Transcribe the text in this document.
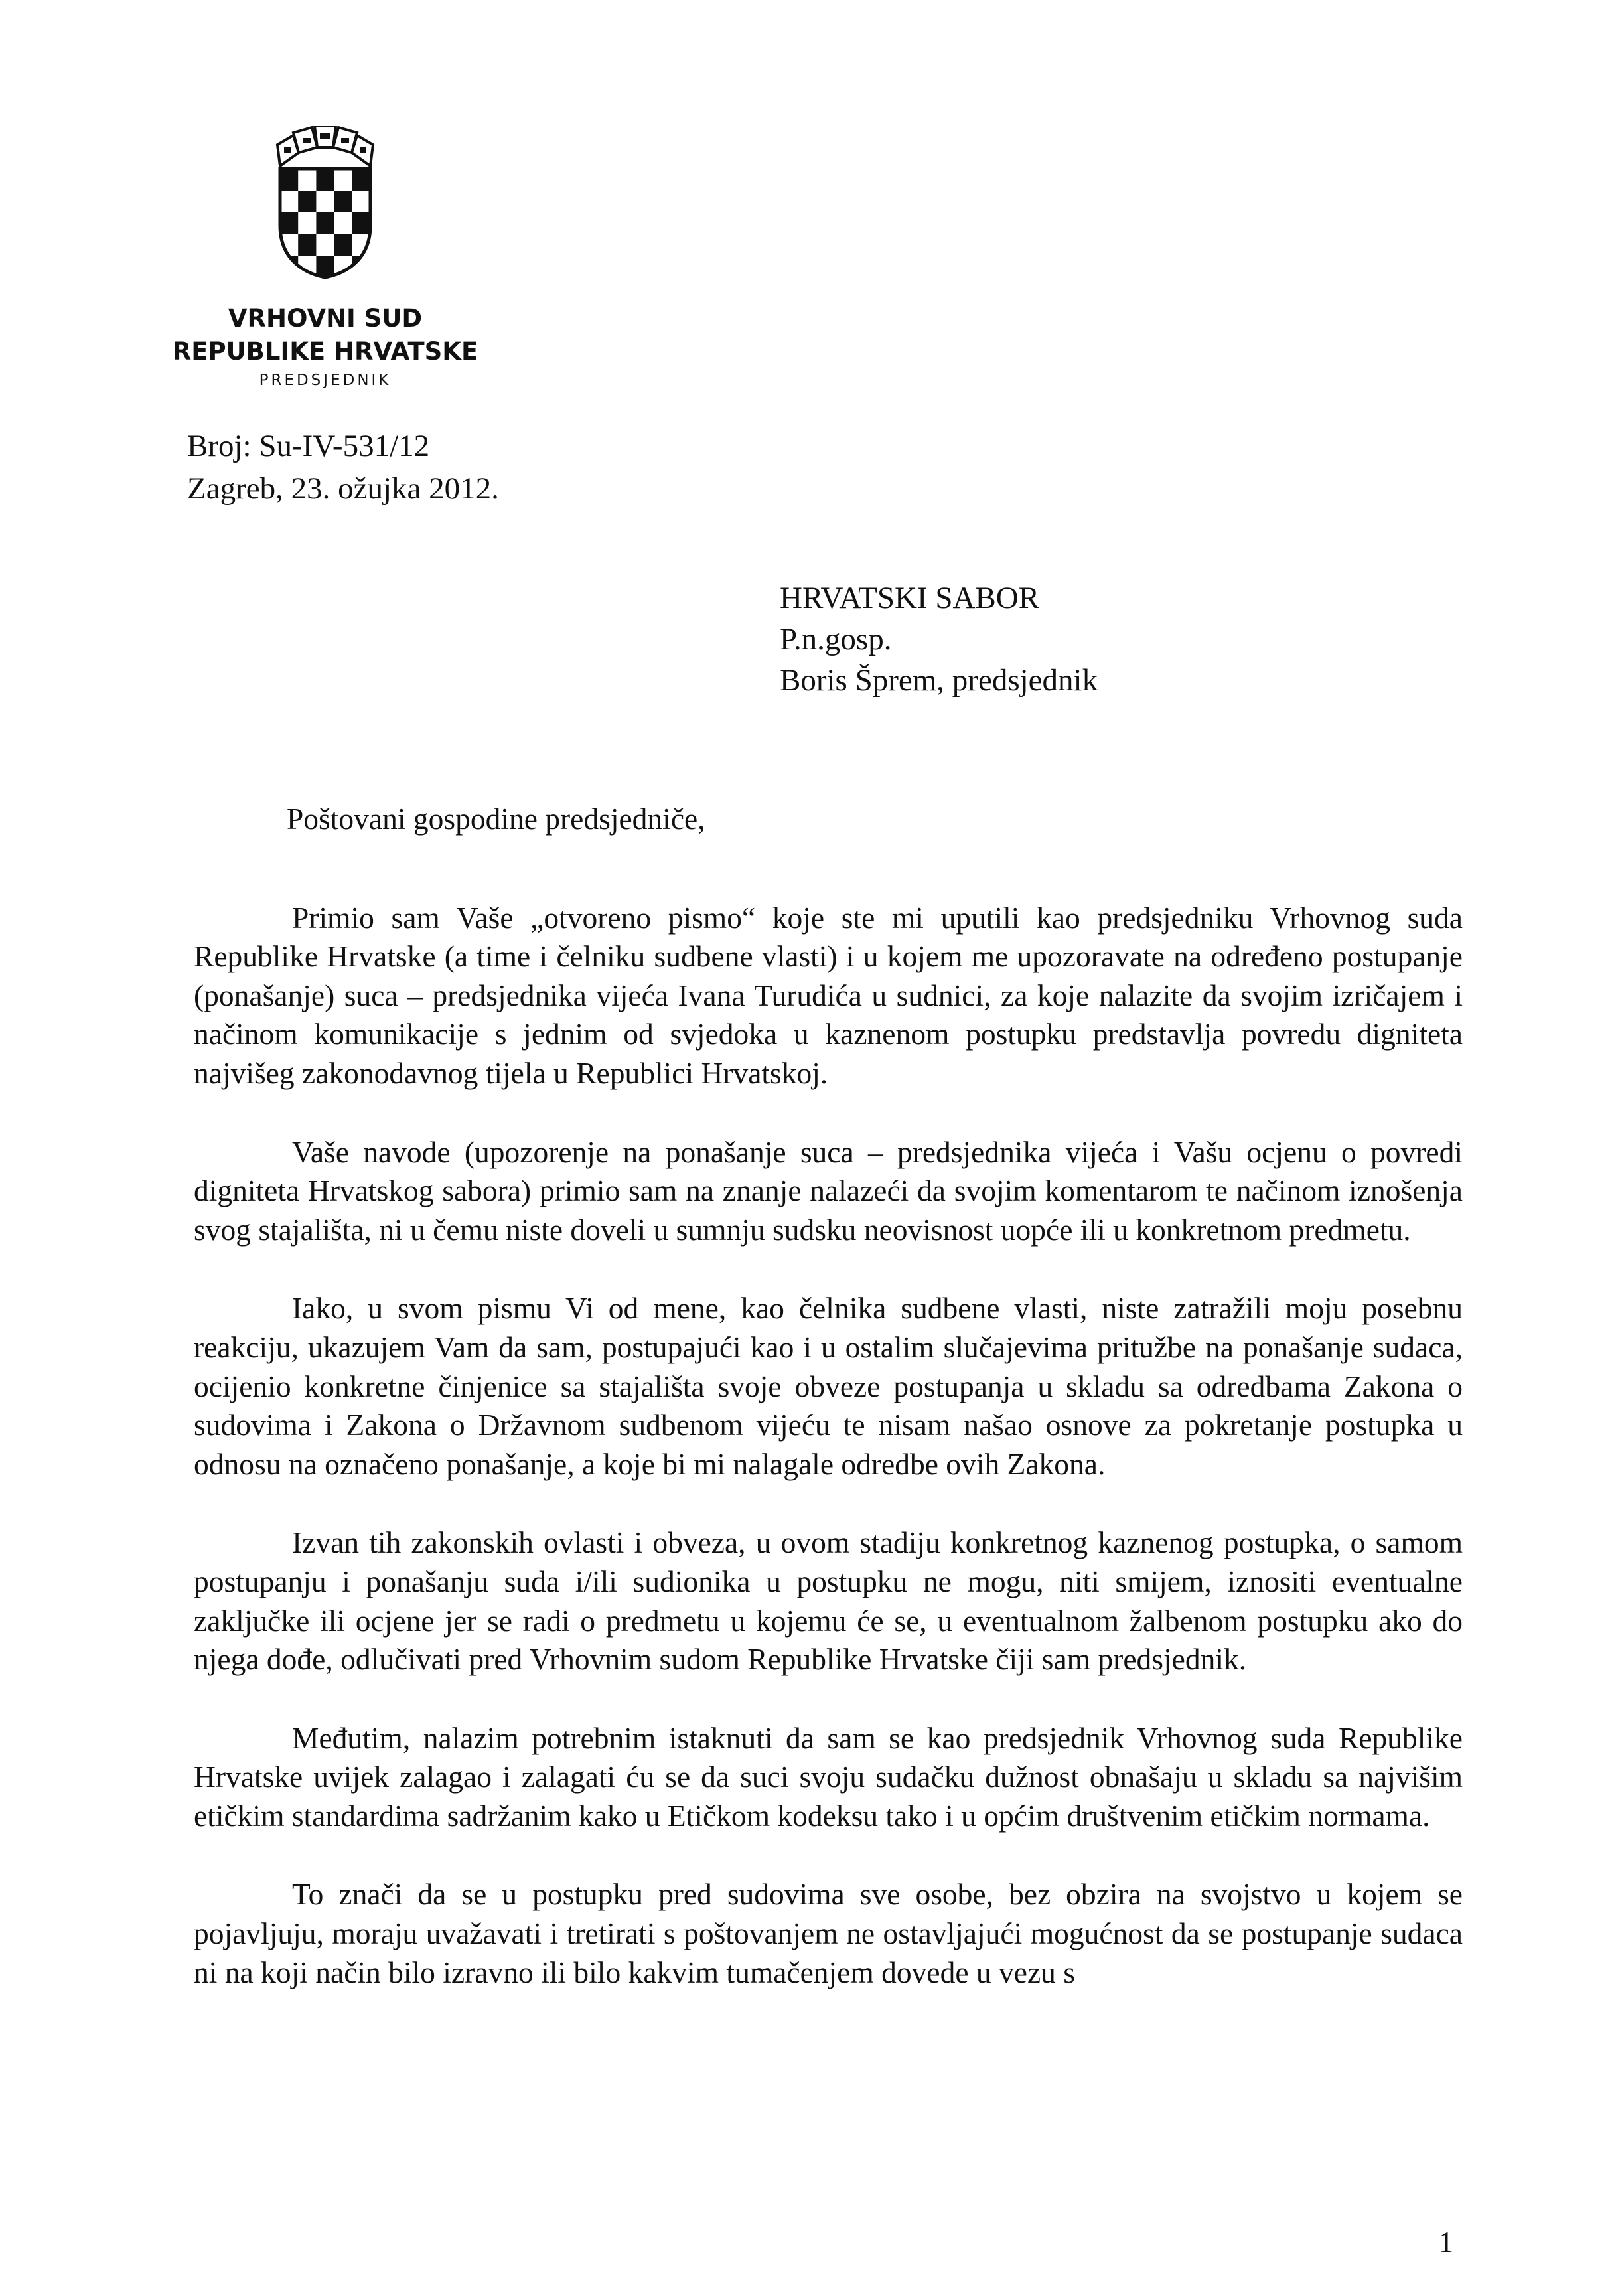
VRHOVNI SUD
REPUBLIKE HRVATSKE
PREDSJEDNIK
Broj: Su-IV-531/12
Zagreb, 23. ožujka 2012.
HRVATSKI SABOR
P.n.gosp.
Boris Šprem, predsjednik
Poštovani gospodine predsjedniče,

Primio sam Vaše „otvoreno pismo“ koje ste mi uputili kao predsjedniku Vrhovnog suda Republike Hrvatske (a time i čelniku sudbene vlasti) i u kojem me upozoravate na određeno postupanje (ponašanje) suca – predsjednika vijeća Ivana Turudića u sudnici, za koje nalazite da svojim izričajem i načinom komunikacije s jednim od svjedoka u kaznenom postupku predstavlja povredu digniteta najvišeg zakonodavnog tijela u Republici Hrvatskoj.

Vaše navode (upozorenje na ponašanje suca – predsjednika vijeća i Vašu ocjenu o povredi digniteta Hrvatskog sabora) primio sam na znanje nalazeći da svojim komentarom te načinom iznošenja svog stajališta, ni u čemu niste doveli u sumnju sudsku neovisnost uopće ili u konkretnom predmetu.

Iako, u svom pismu Vi od mene, kao čelnika sudbene vlasti, niste zatražili moju posebnu reakciju, ukazujem Vam da sam, postupajući kao i u ostalim slučajevima pritužbe na ponašanje sudaca, ocijenio konkretne činjenice sa stajališta svoje obveze postupanja u skladu sa odredbama Zakona o sudovima i Zakona o Državnom sudbenom vijeću te nisam našao osnove za pokretanje postupka u odnosu na označeno ponašanje, a koje bi mi nalagale odredbe ovih Zakona.

Izvan tih zakonskih ovlasti i obveza, u ovom stadiju konkretnog kaznenog postupka, o samom postupanju i ponašanju suda i/ili sudionika u postupku ne mogu, niti smijem, iznositi eventualne zaključke ili ocjene jer se radi o predmetu u kojemu će se, u eventualnom žalbenom postupku ako do njega dođe, odlučivati pred Vrhovnim sudom Republike Hrvatske čiji sam predsjednik.

Međutim, nalazim potrebnim istaknuti da sam se kao predsjednik Vrhovnog suda Republike Hrvatske uvijek zalagao i zalagati ću se da suci svoju sudačku dužnost obnašaju u skladu sa najvišim etičkim standardima sadržanim kako u Etičkom kodeksu tako i u općim društvenim etičkim normama.

To znači da se u postupku pred sudovima sve osobe, bez obzira na svojstvo u kojem se pojavljuju, moraju uvažavati i tretirati s poštovanjem ne ostavljajući mogućnost da se postupanje sudaca ni na koji način bilo izravno ili bilo kakvim tumačenjem dovede u vezu s

1
